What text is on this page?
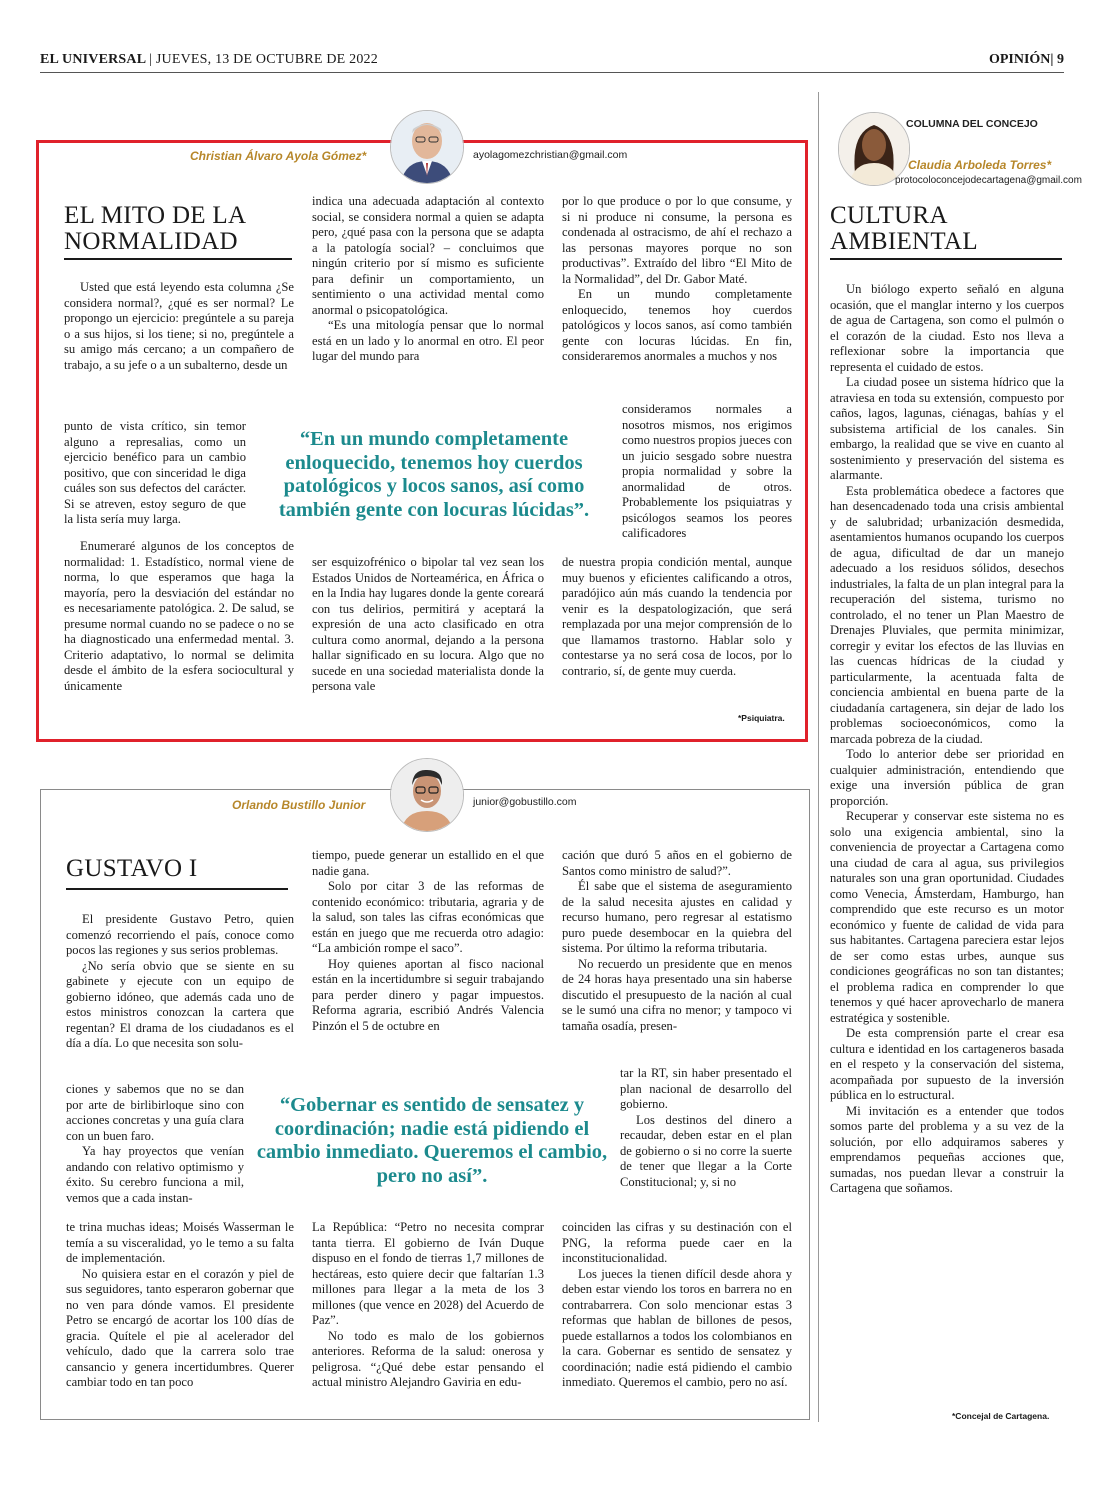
EL UNIVERSAL | JUEVES, 13 DE OCTUBRE DE 2022	OPINIÓN| 9
Christian Álvaro Ayola Gómez*	ayolagomezchristian@gmail.com
EL MITO DE LA NORMALIDAD

Usted que está leyendo esta columna ¿Se considera normal?, ¿qué es ser normal? Le propongo un ejercicio: pregúntele a su pareja o a sus hijos, si los tiene; si no, pregúntele a su amigo más cercano; a un compañero de trabajo, a su jefe o a un subalterno, desde un

punto de vista crítico, sin temor alguno a represalias, como un ejercicio benéfico para un cambio positivo, que con sinceridad le diga cuáles son sus defectos del carácter. Si se atreven, estoy seguro de que la lista sería muy larga.

Enumeraré algunos de los conceptos de normalidad: 1. Estadístico, normal viene de norma, lo que esperamos que haga la mayoría, pero la desviación del estándar no es necesariamente patológica. 2. De salud, se presume normal cuando no se padece o no se ha diagnosticado una enfermedad mental. 3. Criterio adaptativo, lo normal se delimita desde el ámbito de la esfera sociocultural y únicamente

indica una adecuada adaptación al contexto social, se considera normal a quien se adapta pero, ¿qué pasa con la persona que se adapta a la patología social? – concluimos que ningún criterio por sí mismo es suficiente para definir un comportamiento, un sentimiento o una actividad mental como anormal o psicopatológica.

“Es una mitología pensar que lo normal está en un lado y lo anormal en otro. El peor lugar del mundo para

ser esquizofrénico o bipolar tal vez sean los Estados Unidos de Norteamérica, en África o en la India hay lugares donde la gente coreará con tus delirios, permitirá y aceptará la expresión de una acto clasificado en otra cultura como anormal, dejando a la persona hallar significado en su locura. Algo que no sucede en una sociedad materialista donde la persona vale

por lo que produce o por lo que consume, y si ni produce ni consume, la persona es condenada al ostracismo, de ahí el rechazo a las personas mayores porque no son productivas”. Extraído del libro “El Mito de la Normalidad”, del Dr. Gabor Maté.

En un mundo completamente enloquecido, tenemos hoy cuerdos patológicos y locos sanos, así como también gente con locuras lúcidas. En fin, consideraremos anormales a muchos y nos

consideramos normales a nosotros mismos, nos erigimos como nuestros propios jueces con un juicio sesgado sobre nuestra propia normalidad y sobre la anormalidad de otros. Probablemente los psiquiatras y psicólogos seamos los peores calificadores

de nuestra propia condición mental, aunque muy buenos y eficientes calificando a otros, paradójico aún más cuando la tendencia por venir es la despatologización, que será remplazada por una mejor comprensión de lo que llamamos trastorno. Hablar solo y contestarse ya no será cosa de locos, por lo contrario, sí, de gente muy cuerda.

*Psiquiatra.
“En un mundo completamente enloquecido, tenemos hoy cuerdos patológicos y locos sanos, así como también gente con locuras lúcidas”.
Orlando Bustillo Junior	junior@gobustillo.com
GUSTAVO I

El presidente Gustavo Petro, quien comenzó recorriendo el país, conoce como pocos las regiones y sus serios problemas.

¿No sería obvio que se siente en su gabinete y ejecute con un equipo de gobierno idóneo, que además cada uno de estos ministros conozcan la cartera que regentan? El drama de los ciudadanos es el día a día. Lo que necesita son solu-

ciones y sabemos que no se dan por arte de birlibirloque sino con acciones concretas y una guía clara con un buen faro.

Ya hay proyectos que venían andando con relativo optimismo y éxito. Su cerebro funciona a mil, vemos que a cada instan-

te trina muchas ideas; Moisés Wasserman le temía a su visceralidad, yo le temo a su falta de implementación.

No quisiera estar en el corazón y piel de sus seguidores, tanto esperaron gobernar que no ven para dónde vamos. El presidente Petro se encargó de acortar los 100 días de gracia. Quítele el pie al acelerador del vehículo, dado que la carrera solo trae cansancio y genera incertidumbres. Querer cambiar todo en tan poco

tiempo, puede generar un estallido en el que nadie gana.

Solo por citar 3 de las reformas de contenido económico: tributaria, agraria y de la salud, son tales las cifras económicas que están en juego que me recuerda otro adagio: “La ambición rompe el saco”.

Hoy quienes aportan al fisco nacional están en la incertidumbre si seguir trabajando para perder dinero y pagar impuestos. Reforma agraria, escribió Andrés Valencia Pinzón el 5 de octubre en

La República: “Petro no necesita comprar tanta tierra. El gobierno de Iván Duque dispuso en el fondo de tierras 1,7 millones de hectáreas, esto quiere decir que faltarían 1.3 millones para llegar a la meta de los 3 millones (que vence en 2028) del Acuerdo de Paz”.

No todo es malo de los gobiernos anteriores. Reforma de la salud: onerosa y peligrosa. “¿Qué debe estar pensando el actual ministro Alejandro Gaviria en edu-

cación que duró 5 años en el gobierno de Santos como ministro de salud?”.

Él sabe que el sistema de aseguramiento de la salud necesita ajustes en calidad y recurso humano, pero regresar al estatismo puro puede desembocar en la quiebra del sistema. Por último la reforma tributaria.

No recuerdo un presidente que en menos de 24 horas haya presentado una sin haberse discutido el presupuesto de la nación al cual se le sumó una cifra no menor; y tampoco vi tamaña osadía, presen-

tar la RT, sin haber presentado el plan nacional de desarrollo del gobierno.

Los destinos del dinero a recaudar, deben estar en el plan de gobierno o si no corre la suerte de tener que llegar a la Corte Constitucional; y, si no

coinciden las cifras y su destinación con el PNG, la reforma puede caer en la inconstitucionalidad.

Los jueces la tienen difícil desde ahora y deben estar viendo los toros en barrera no en contrabarrera. Con solo mencionar estas 3 reformas que hablan de billones de pesos, puede estallarnos a todos los colombianos en la cara. Gobernar es sentido de sensatez y coordinación; nadie está pidiendo el cambio inmediato. Queremos el cambio, pero no así.

“Gobernar es sentido de sensatez y coordinación; nadie está pidiendo el cambio inmediato. Queremos el cambio, pero no así”.
COLUMNA DEL CONCEJO
Claudia Arboleda Torres*
protocoloconcejodecartagena@gmail.com
CULTURA AMBIENTAL

Un biólogo experto señaló en alguna ocasión, que el manglar interno y los cuerpos de agua de Cartagena, son como el pulmón o el corazón de la ciudad. Esto nos lleva a reflexionar sobre la importancia que representa el cuidado de estos.

La ciudad posee un sistema hídrico que la atraviesa en toda su extensión, compuesto por caños, lagos, lagunas, ciénagas, bahías y el subsistema artificial de los canales. Sin embargo, la realidad que se vive en cuanto al sostenimiento y preservación del sistema es alarmante.

Esta problemática obedece a factores que han desencadenado toda una crisis ambiental y de salubridad; urbanización desmedida, asentamientos humanos ocupando los cuerpos de agua, dificultad de dar un manejo adecuado a los residuos sólidos, desechos industriales, la falta de un plan integral para la recuperación del sistema, turismo no controlado, el no tener un Plan Maestro de Drenajes Pluviales, que permita minimizar, corregir y evitar los efectos de las lluvias en las cuencas hídricas de la ciudad y particularmente, la acentuada falta de conciencia ambiental en buena parte de la ciudadanía cartagenera, sin dejar de lado los problemas socioeconómicos, como la marcada pobreza de la ciudad.

Todo lo anterior debe ser prioridad en cualquier administración, entendiendo que exige una inversión pública de gran proporción.

Recuperar y conservar este sistema no es solo una exigencia ambiental, sino la conveniencia de proyectar a Cartagena como una ciudad de cara al agua, sus privilegios naturales son una gran oportunidad. Ciudades como Venecia, Ámsterdam, Hamburgo, han comprendido que este recurso es un motor económico y fuente de calidad de vida para sus habitantes. Cartagena pareciera estar lejos de ser como estas urbes, aunque sus condiciones geográficas no son tan distantes; el problema radica en comprender lo que tenemos y qué hacer aprovecharlo de manera estratégica y sostenible.

De esta comprensión parte el crear esa cultura e identidad en los cartageneros basada en el respeto y la conservación del sistema, acompañada por supuesto de la inversión pública en lo estructural.

Mi invitación es a entender que todos somos parte del problema y a su vez de la solución, por ello adquiramos saberes y emprendamos pequeñas acciones que, sumadas, nos puedan llevar a construir la Cartagena que soñamos.

*Concejal de Cartagena.
